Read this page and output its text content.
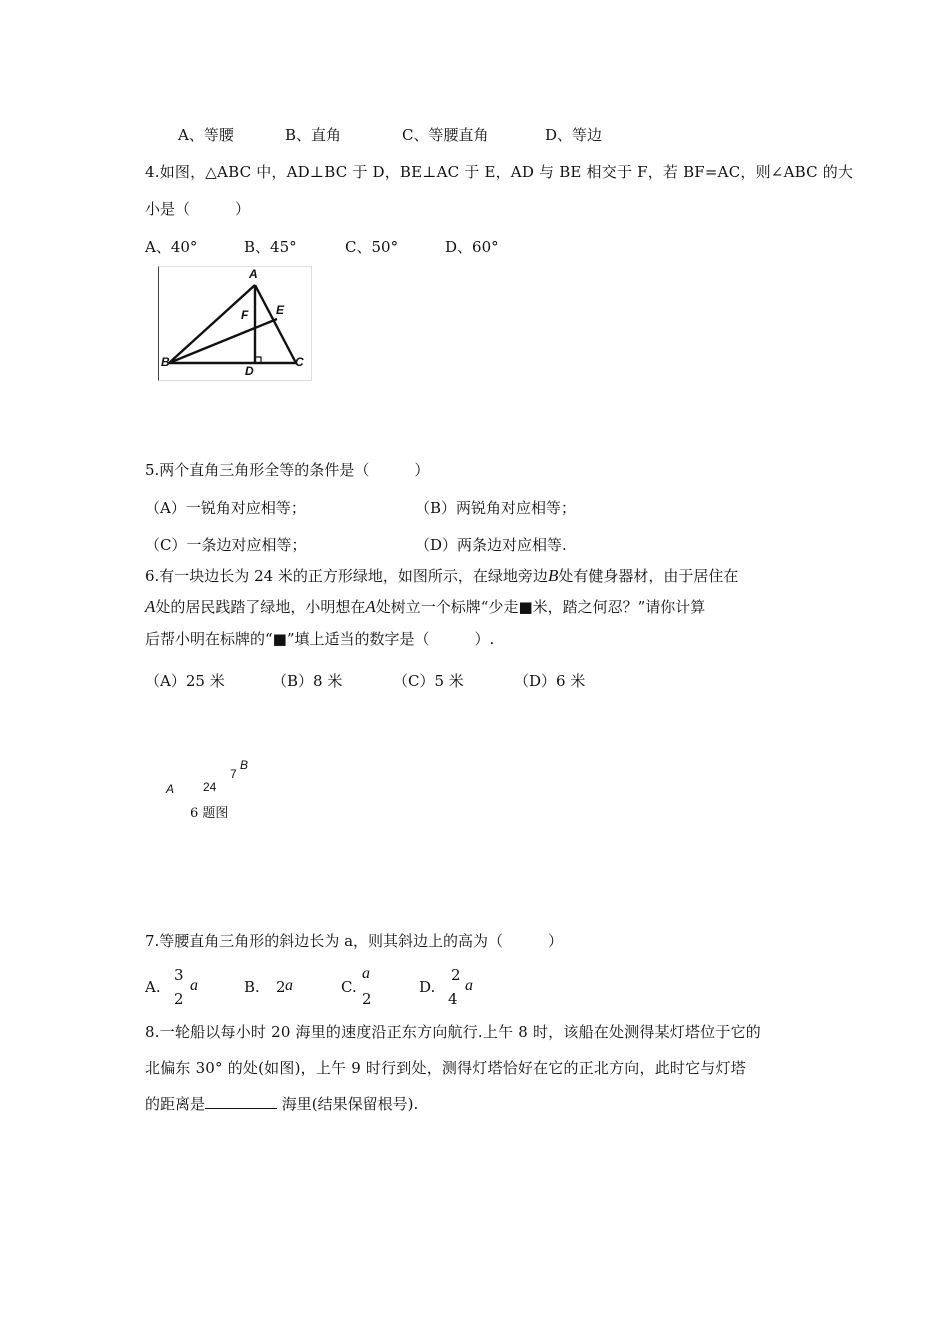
A、等腰	B、直角	C、等腰直角	D、等边
4.如图，△ABC 中，AD⊥BC 于 D，BE⊥AC 于 E，AD 与 BE 相交于 F，若 BF=AC，则∠ABC 的大
小是（　　　）
A、40°	B、45°	C、50°	D、60°
A
E
F
B
D
C
5.两个直角三角形全等的条件是（　　　）
（A）一锐角对应相等；	（B）两锐角对应相等；
（C）一条边对应相等；	（D）两条边对应相等.
6.有一块边长为 24 米的正方形绿地，如图所示，在绿地旁边B处有健身器材，由于居住在
A处的居民践踏了绿地，小明想在A处树立一个标牌“少走■米，踏之何忍？”请你计算
后帮小明在标牌的“■”填上适当的数字是（　　　）.
（A）25 米	（B）8 米	（C）5 米	（D）6 米
A 24
7
B
6 题图
7.等腰直角三角形的斜边长为 a，则其斜边上的高为（　　　）
A.
3
2
a	B. 2 a	C.
a
2
D.
2
4
a
8.一轮船以每小时 20 海里的速度沿正东方向航行.上午 8 时，该船在处测得某灯塔位于它的
北偏东 30° 的处(如图)，上午 9 时行到处，测得灯塔恰好在它的正北方向，此时它与灯塔
的距离是	海里(结果保留根号).
